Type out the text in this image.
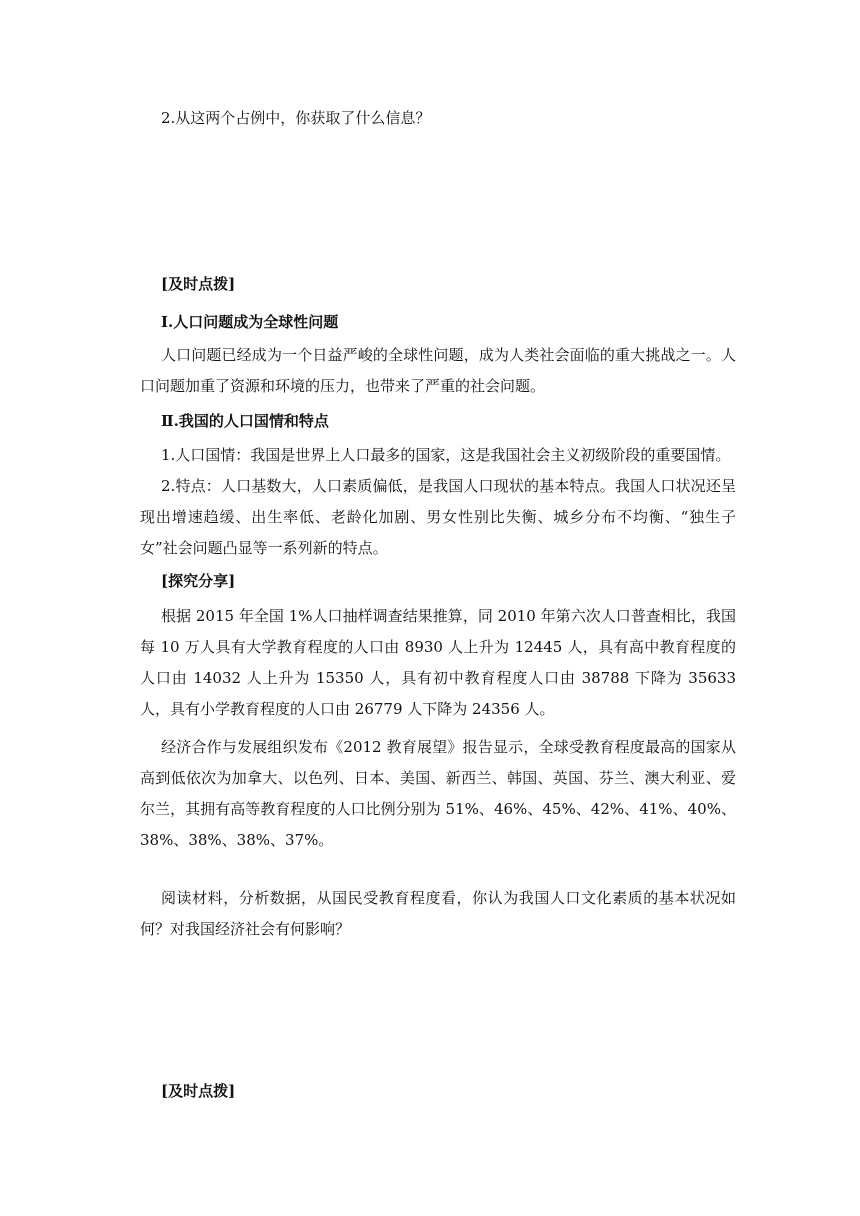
2.从这两个占例中，你获取了什么信息？
[及时点拨]
Ⅰ.人口问题成为全球性问题

人口问题已经成为一个日益严峻的全球性问题，成为人类社会面临的重大挑战之一。人口问题加重了资源和环境的压力，也带来了严重的社会问题。

Ⅱ.我国的人口国情和特点

1.人口国情：我国是世界上人口最多的国家，这是我国社会主义初级阶段的重要国情。

2.特点：人口基数大，人口素质偏低，是我国人口现状的基本特点。我国人口状况还呈现出增速趋缓、出生率低、老龄化加剧、男女性别比失衡、城乡分布不均衡、“独生子女”社会问题凸显等一系列新的特点。

[探究分享]

根据 2015 年全国 1%人口抽样调查结果推算，同 2010 年第六次人口普查相比，我国每 10 万人具有大学教育程度的人口由 8930 人上升为 12445 人，具有高中教育程度的人口由 14032 人上升为 15350 人，具有初中教育程度人口由 38788 下降为 35633 人，具有小学教育程度的人口由 26779 人下降为 24356 人。

经济合作与发展组织发布《2012 教育展望》报告显示，全球受教育程度最高的国家从高到低依次为加拿大、以色列、日本、美国、新西兰、韩国、英国、芬兰、澳大利亚、爱尔兰，其拥有高等教育程度的人口比例分别为 51%、46%、45%、42%、41%、40%、38%、38%、38%、37%。

阅读材料，分析数据，从国民受教育程度看，你认为我国人口文化素质的基本状况如何？对我国经济社会有何影响？

[及时点拨]
